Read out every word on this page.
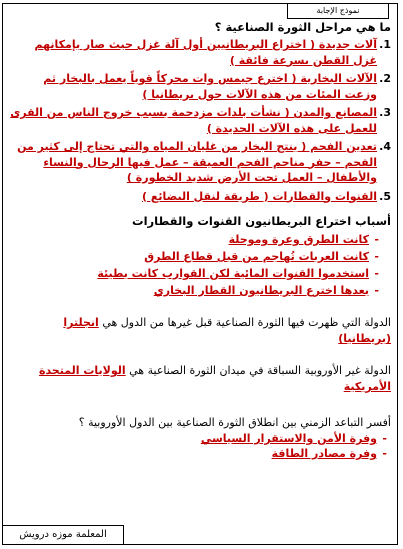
نموذج الإجابة

ما هي مراحل الثورة الصناعية ؟

1.
آلات جديدة ( اختراع البريطانيين أول آلة غزل حيث صار بإمكانهم غزل القطن بسرعة فائقة )
2.
الآلات البخارية ( اخترع جيمس وات محركاً قوياً يعمل بالبخار ثم وزعت المئات من هذه الآلات حول بريطانيا )
3.
المصانع والمدن ( نشأت بلدات مزدحمة بسبب خروج الناس من القرى للعمل على هذه الآلات الجديدة )
4.
تعدين الفحم ( ينتج البخار من غليان المياه والتي تحتاج إلى كثير من الفحم – حفر مناجم الفحم العميقة – عمل فيها الرجال والنساء والأطفال – العمل تحت الأرض شديد الخطورة )
5.
القنوات والقطارات ( طريقة لنقل البضائع )

أسباب اختراع البريطانيون القنوات والقطارات

- كانت الطرق وعرة وموحلة
- كانت العربات تُهاجم من قبل قطاع الطرق
- استخدموا القنوات المائية لكن القوارب كانت بطيئة
- بعدها اخترع البريطانيون القطار البخاري

الدولة التي ظهرت فيها الثورة الصناعية قبل غيرها من الدول هي انجلترا (بريطانيا)

الدولة غير الأوروبية السباقة في ميدان الثورة الصناعية هي الولايات المتحدة الأمريكية

أفسر التباعد الزمني بين انطلاق الثورة الصناعية بين الدول الأوروبية ؟

- وفرة الأمن والاستقرار السياسي
- وفرة مصادر الطاقة
المعلمة موزه درويش
